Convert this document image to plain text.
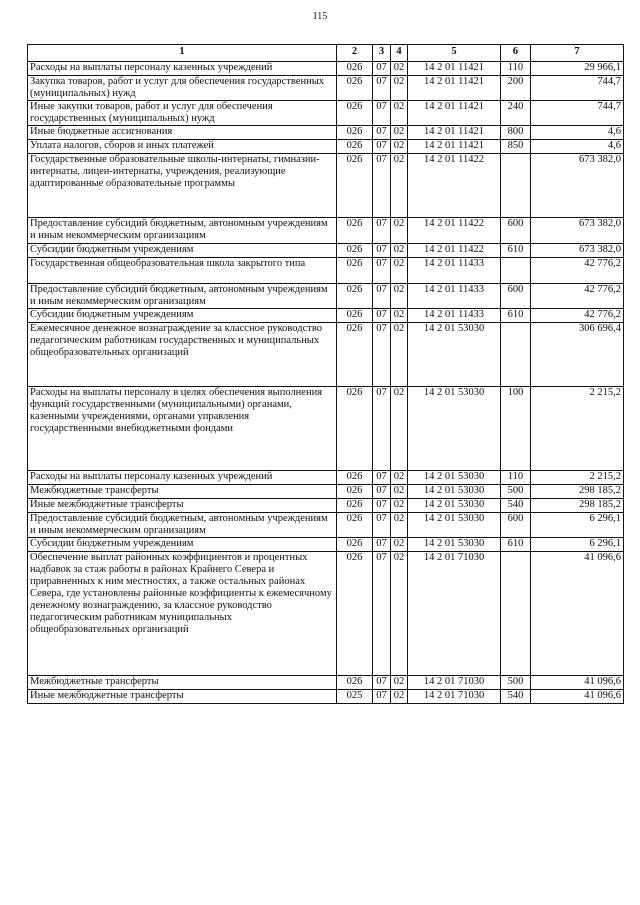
115
1	2	3	4	5	6	7
Расходы на выплаты персоналу казенных учреждений	026	07	02	14 2 01 11421	110	29 966,1
Закупка товаров, работ и услуг для обеспечения государственных (муниципальных) нужд	026	07	02	14 2 01 11421	200	744,7
Иные закупки товаров, работ и услуг для обеспечения государственных (муниципальных) нужд	026	07	02	14 2 01 11421	240	744,7
Иные бюджетные ассигнования	026	07	02	14 2 01 11421	800	4,6
Уплата налогов, сборов и иных платежей	026	07	02	14 2 01 11421	850	4,6
Государственные образовательные школы-интернаты, гимназии-интернаты, лицеи-интернаты, учреждения, реализующие адаптированные образовательные программы	026	07	02	14 2 01 11422		673 382,0
Предоставление субсидий бюджетным, автономным учреждениям и иным некоммерческим организациям	026	07	02	14 2 01 11422	600	673 382,0
Субсидии бюджетным учреждениям	026	07	02	14 2 01 11422	610	673 382,0
Государственная общеобразовательная школа закрытого типа	026	07	02	14 2 01 11433		42 776,2
Предоставление субсидий бюджетным, автономным учреждениям и иным некоммерческим организациям	026	07	02	14 2 01 11433	600	42 776,2
Субсидии бюджетным учреждениям	026	07	02	14 2 01 11433	610	42 776,2
Ежемесячное денежное вознаграждение за классное руководство педагогическим работникам государственных и муниципальных общеобразовательных организаций	026	07	02	14 2 01 53030		306 696,4
Расходы на выплаты персоналу в целях обеспечения выполнения функций государственными (муниципальными) органами, казенными учреждениями, органами управления государственными внебюджетными фондами	026	07	02	14 2 01 53030	100	2 215,2
Расходы на выплаты персоналу казенных учреждений	026	07	02	14 2 01 53030	110	2 215,2
Межбюджетные трансферты	026	07	02	14 2 01 53030	500	298 185,2
Иные межбюджетные трансферты	026	07	02	14 2 01 53030	540	298 185,2
Предоставление субсидий бюджетным, автономным учреждениям и иным некоммерческим организациям	026	07	02	14 2 01 53030	600	6 296,1
Субсидии бюджетным учреждениям	026	07	02	14 2 01 53030	610	6 296,1
Обеспечение выплат районных коэффициентов и процентных надбавок за стаж работы в районах Крайнего Севера и приравненных к ним местностях, а также остальных районах Севера, где установлены районные коэффициенты к ежемесячному денежному вознаграждению, за классное руководство педагогическим работникам муниципальных общеобразовательных организаций	026	07	02	14 2 01 71030		41 096,6
Межбюджетные трансферты	026	07	02	14 2 01 71030	500	41 096,6
Иные межбюджетные трансферты	025	07	02	14 2 01 71030	540	41 096,6
